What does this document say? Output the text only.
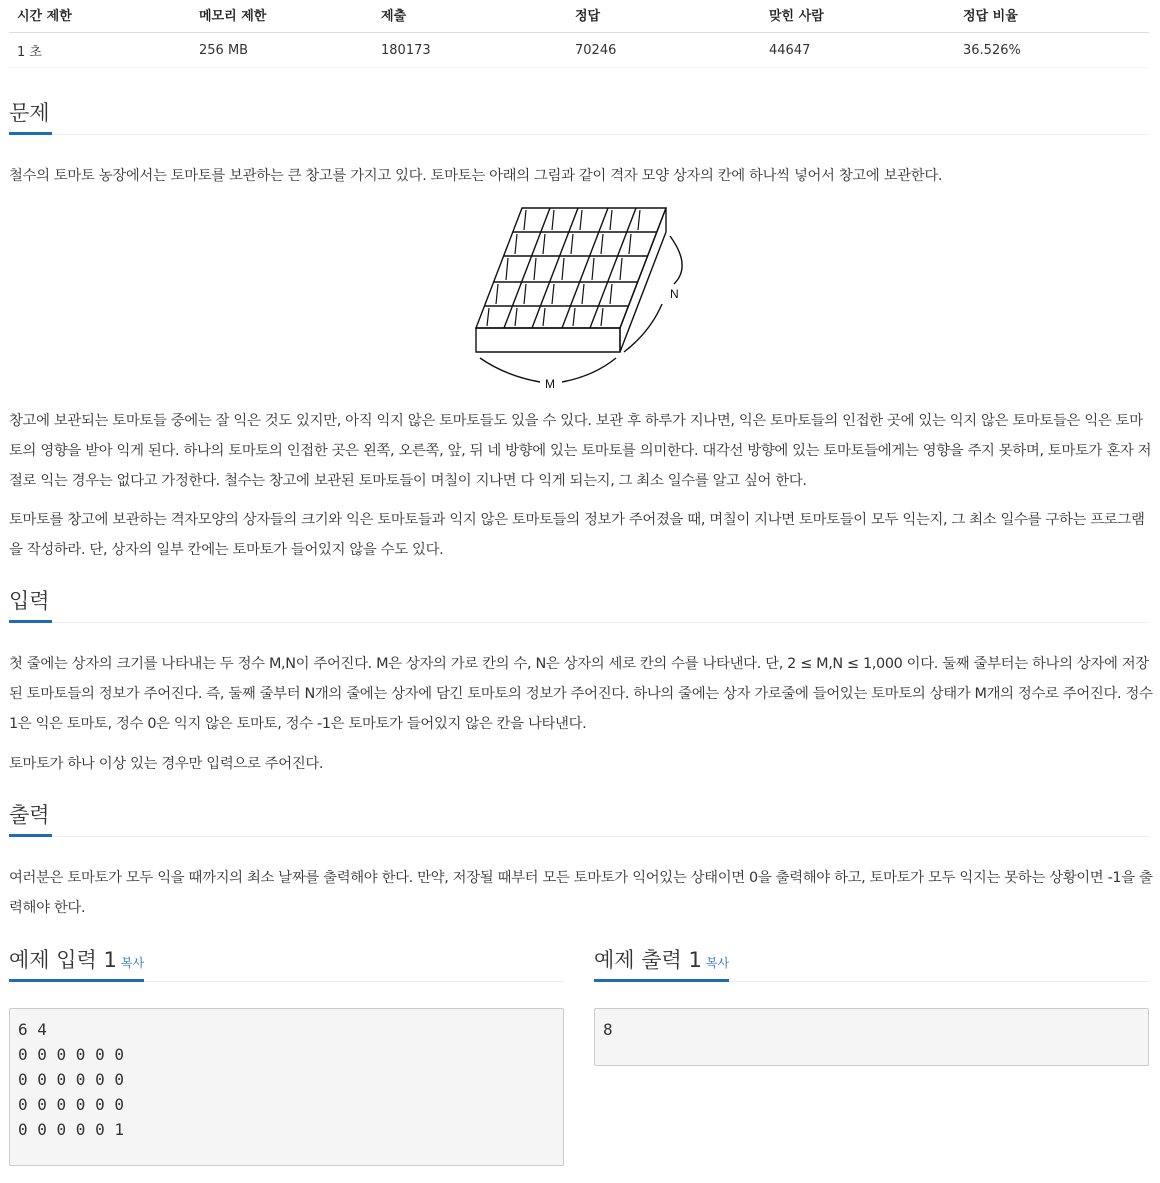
시간 제한	메모리 제한	제출	정답	맞힌 사람	정답 비율
1 초	256 MB	180173	70246	44647	36.526%
문제

철수의 토마토 농장에서는 토마토를 보관하는 큰 창고를 가지고 있다. 토마토는 아래의 그림과 같이 격자 모양 상자의 칸에 하나씩 넣어서 창고에 보관한다.

N
M

창고에 보관되는 토마토들 중에는 잘 익은 것도 있지만, 아직 익지 않은 토마토들도 있을 수 있다. 보관 후 하루가 지나면, 익은 토마토들의 인접한 곳에 있는 익지 않은 토마토들은 익은 토마토의 영향을 받아 익게 된다. 하나의 토마토의 인접한 곳은 왼쪽, 오른쪽, 앞, 뒤 네 방향에 있는 토마토를 의미한다. 대각선 방향에 있는 토마토들에게는 영향을 주지 못하며, 토마토가 혼자 저절로 익는 경우는 없다고 가정한다. 철수는 창고에 보관된 토마토들이 며칠이 지나면 다 익게 되는지, 그 최소 일수를 알고 싶어 한다.

토마토를 창고에 보관하는 격자모양의 상자들의 크기와 익은 토마토들과 익지 않은 토마토들의 정보가 주어졌을 때, 며칠이 지나면 토마토들이 모두 익는지, 그 최소 일수를 구하는 프로그램을 작성하라. 단, 상자의 일부 칸에는 토마토가 들어있지 않을 수도 있다.

입력

첫 줄에는 상자의 크기를 나타내는 두 정수 M,N이 주어진다. M은 상자의 가로 칸의 수, N은 상자의 세로 칸의 수를 나타낸다. 단, 2 ≤ M,N ≤ 1,000 이다. 둘째 줄부터는 하나의 상자에 저장된 토마토들의 정보가 주어진다. 즉, 둘째 줄부터 N개의 줄에는 상자에 담긴 토마토의 정보가 주어진다. 하나의 줄에는 상자 가로줄에 들어있는 토마토의 상태가 M개의 정수로 주어진다. 정수 1은 익은 토마토, 정수 0은 익지 않은 토마토, 정수 -1은 토마토가 들어있지 않은 칸을 나타낸다.

토마토가 하나 이상 있는 경우만 입력으로 주어진다.

출력

여러분은 토마토가 모두 익을 때까지의 최소 날짜를 출력해야 한다. 만약, 저장될 때부터 모든 토마토가 익어있는 상태이면 0을 출력해야 하고, 토마토가 모두 익지는 못하는 상황이면 -1을 출력해야 한다.

예제 입력 1 복사
6 4
0 0 0 0 0 0
0 0 0 0 0 0
0 0 0 0 0 0
0 0 0 0 0 1
예제 출력 1 복사
8
